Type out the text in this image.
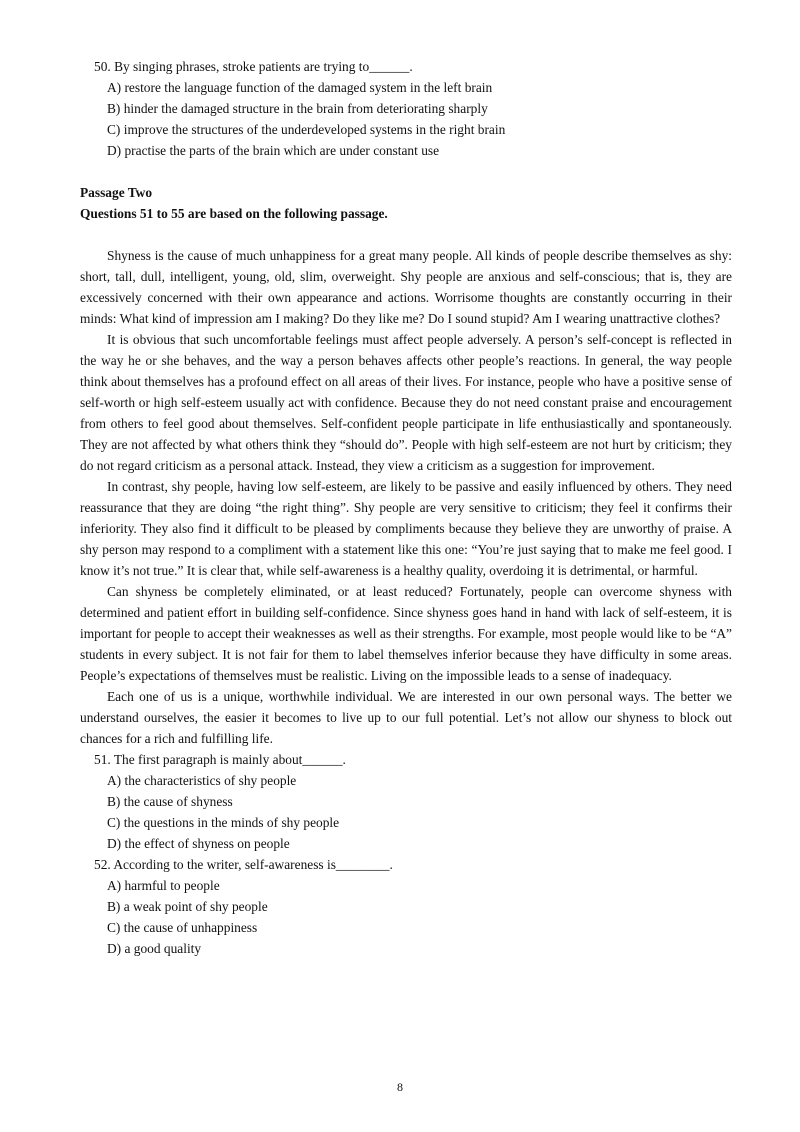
50. By singing phrases, stroke patients are trying to______.
A) restore the language function of the damaged system in the left brain
B) hinder the damaged structure in the brain from deteriorating sharply
C) improve the structures of the underdeveloped systems in the right brain
D) practise the parts of the brain which are under constant use
Passage Two
Questions 51 to 55 are based on the following passage.
Shyness is the cause of much unhappiness for a great many people. All kinds of people describe themselves as shy: short, tall, dull, intelligent, young, old, slim, overweight. Shy people are anxious and self-conscious; that is, they are excessively concerned with their own appearance and actions. Worrisome thoughts are constantly occurring in their minds: What kind of impression am I making? Do they like me? Do I sound stupid? Am I wearing unattractive clothes?
It is obvious that such uncomfortable feelings must affect people adversely. A person’s self-concept is reflected in the way he or she behaves, and the way a person behaves affects other people’s reactions. In general, the way people think about themselves has a profound effect on all areas of their lives. For instance, people who have a positive sense of self-worth or high self-esteem usually act with confidence. Because they do not need constant praise and encouragement from others to feel good about themselves. Self-confident people participate in life enthusiastically and spontaneously. They are not affected by what others think they “should do”. People with high self-esteem are not hurt by criticism; they do not regard criticism as a personal attack. Instead, they view a criticism as a suggestion for improvement.
In contrast, shy people, having low self-esteem, are likely to be passive and easily influenced by others. They need reassurance that they are doing “the right thing”. Shy people are very sensitive to criticism; they feel it confirms their inferiority. They also find it difficult to be pleased by compliments because they believe they are unworthy of praise. A shy person may respond to a compliment with a statement like this one: “You’re just saying that to make me feel good. I know it’s not true.” It is clear that, while self-awareness is a healthy quality, overdoing it is detrimental, or harmful.
Can shyness be completely eliminated, or at least reduced? Fortunately, people can overcome shyness with determined and patient effort in building self-confidence. Since shyness goes hand in hand with lack of self-esteem, it is important for people to accept their weaknesses as well as their strengths. For example, most people would like to be “A” students in every subject. It is not fair for them to label themselves inferior because they have difficulty in some areas. People’s expectations of themselves must be realistic. Living on the impossible leads to a sense of inadequacy.
Each one of us is a unique, worthwhile individual. We are interested in our own personal ways. The better we understand ourselves, the easier it becomes to live up to our full potential. Let’s not allow our shyness to block out chances for a rich and fulfilling life.
51. The first paragraph is mainly about______.
A) the characteristics of shy people
B) the cause of shyness
C) the questions in the minds of shy people
D) the effect of shyness on people
52. According to the writer, self-awareness is________.
A) harmful to people
B) a weak point of shy people
C) the cause of unhappiness
D) a good quality
8
